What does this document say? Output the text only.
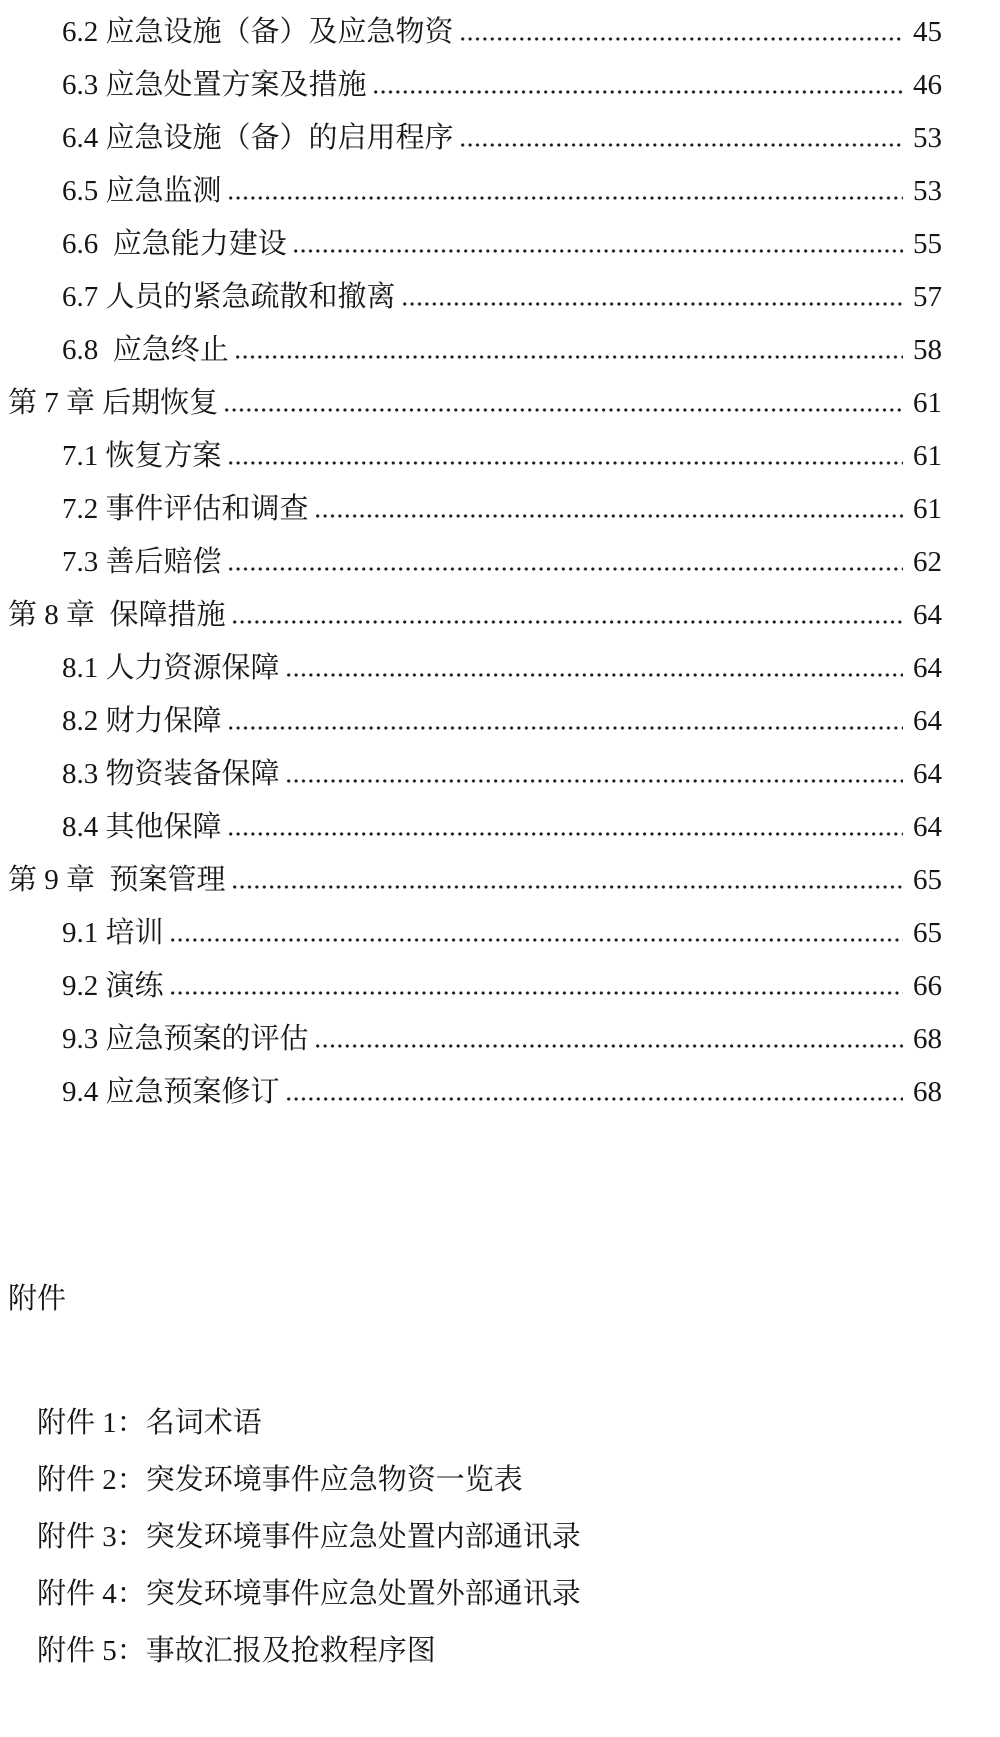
6.2 应急设施（备）及应急物资	45
6.3 应急处置方案及措施	46
6.4 应急设施（备）的启用程序	53
6.5 应急监测	53
6.6  应急能力建设	55
6.7 人员的紧急疏散和撤离	57
6.8  应急终止	58
第 7 章 后期恢复	61
7.1 恢复方案	61
7.2 事件评估和调查	61
7.3 善后赔偿	62
第 8 章  保障措施	64
8.1 人力资源保障	64
8.2 财力保障	64
8.3 物资装备保障	64
8.4 其他保障	64
第 9 章  预案管理	65
9.1 培训	65
9.2 演练	66
9.3 应急预案的评估	68
9.4 应急预案修订	68
附件

附件 1：名词术语

附件 2：突发环境事件应急物资一览表

附件 3：突发环境事件应急处置内部通讯录

附件 4：突发环境事件应急处置外部通讯录

附件 5：事故汇报及抢救程序图
